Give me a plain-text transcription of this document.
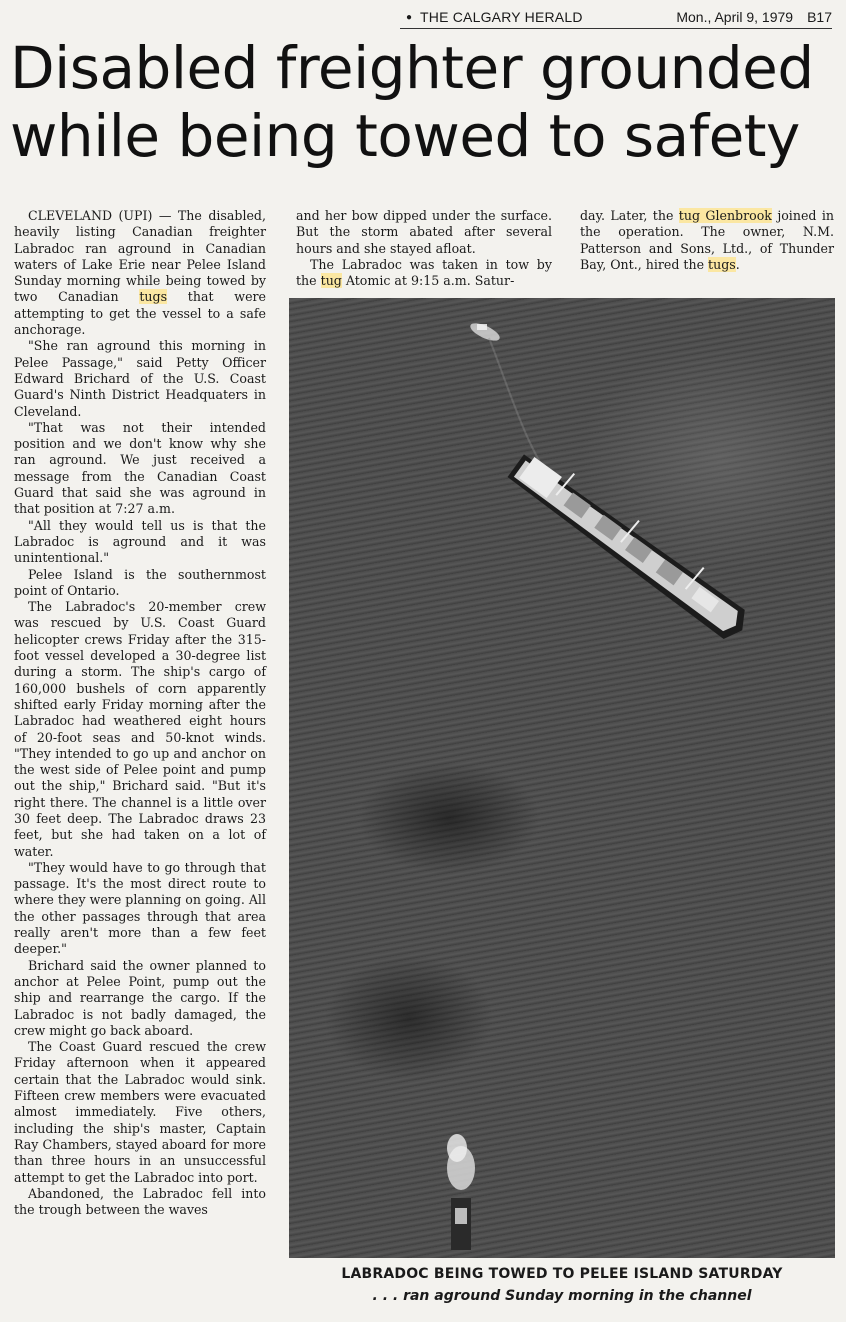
● THE CALGARY HERALD	Mon., April 9, 1979 B17
Disabled freighter grounded while being towed to safety

CLEVELAND (UPI) — The disabled, heavily listing Canadian freighter Labradoc ran aground in Canadian waters of Lake Erie near Pelee Island Sunday morning while being towed by two Canadian tugs that were attempting to get the vessel to a safe anchorage.

"She ran aground this morning in Pelee Passage," said Petty Officer Edward Brichard of the U.S. Coast Guard's Ninth District Headquaters in Cleveland.

"That was not their intended position and we don't know why she ran aground. We just received a message from the Canadian Coast Guard that said she was aground in that position at 7:27 a.m.

"All they would tell us is that the Labradoc is aground and it was unintentional."

Pelee Island is the southernmost point of Ontario.

The Labradoc's 20-member crew was rescued by U.S. Coast Guard helicopter crews Friday after the 315-foot vessel developed a 30-degree list during a storm. The ship's cargo of 160,000 bushels of corn apparently shifted early Friday morning after the Labradoc had weathered eight hours of 20-foot seas and 50-knot winds. "They intended to go up and anchor on the west side of Pelee point and pump out the ship," Brichard said. "But it's right there. The channel is a little over 30 feet deep. The Labradoc draws 23 feet, but she had taken on a lot of water.

"They would have to go through that passage. It's the most direct route to where they were planning on going. All the other passages through that area really aren't more than a few feet deeper."

Brichard said the owner planned to anchor at Pelee Point, pump out the ship and rearrange the cargo. If the Labradoc is not badly damaged, the crew might go back aboard.

The Coast Guard rescued the crew Friday afternoon when it appeared certain that the Labradoc would sink. Fifteen crew members were evacuated almost immediately. Five others, including the ship's master, Captain Ray Chambers, stayed aboard for more than three hours in an unsuccessful attempt to get the Labradoc into port.

Abandoned, the Labradoc fell into the trough between the waves

and her bow dipped under the surface. But the storm abated after several hours and she stayed afloat.

The Labradoc was taken in tow by the tug Atomic at 9:15 a.m. Satur-

day. Later, the tug Glenbrook joined in the operation. The owner, N.M. Patterson and Sons, Ltd., of Thunder Bay, Ont., hired the tugs.

LABRADOC BEING TOWED TO PELEE ISLAND SATURDAY
. . . ran aground Sunday morning in the channel
